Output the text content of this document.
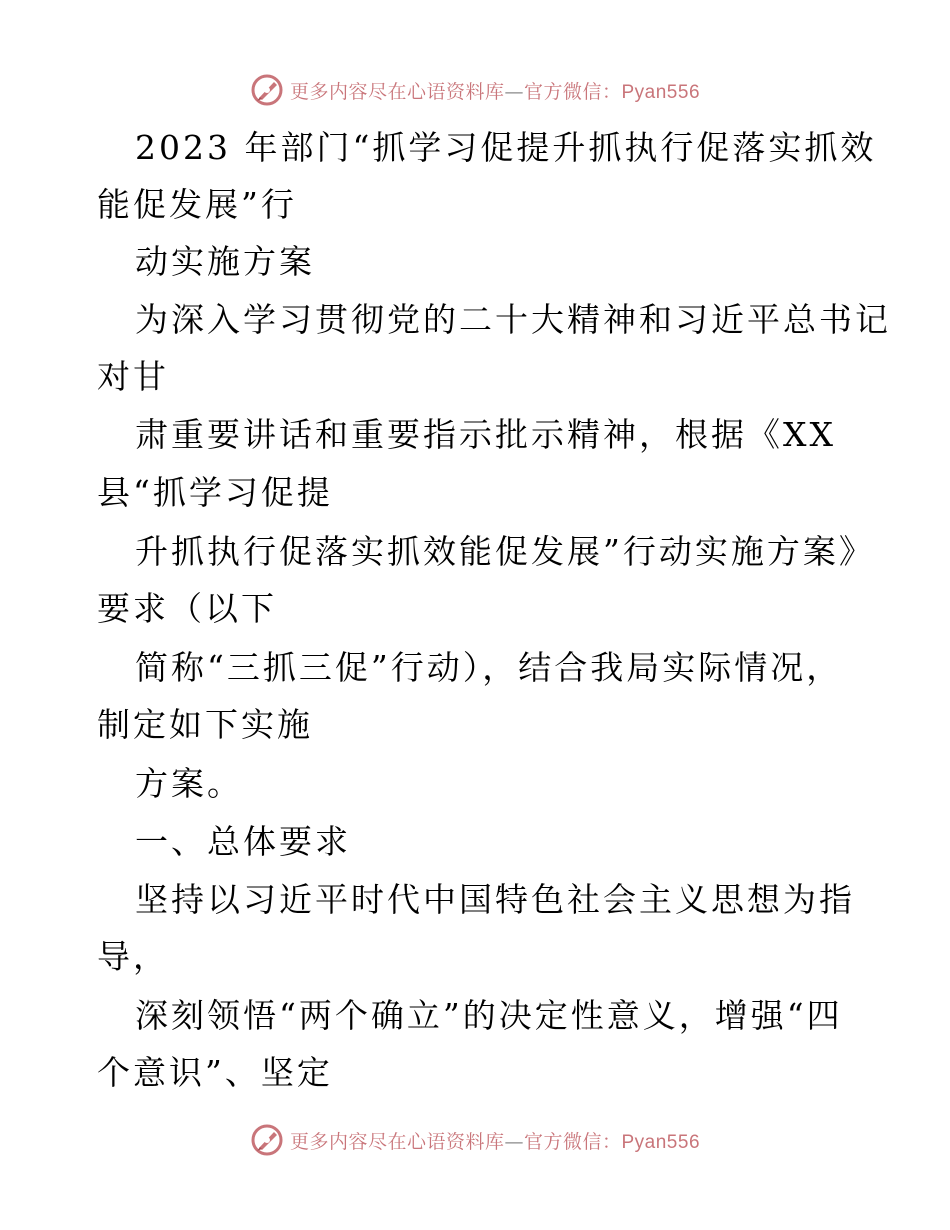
更多内容尽在心语资料库—官方微信：Pyan556
2023 年部门“抓学习促提升抓执行促落实抓效
能促发展”行
动实施方案
为深入学习贯彻党的二十大精神和习近平总书记
对甘
肃重要讲话和重要指示批示精神，根据《XX
县“抓学习促提
升抓执行促落实抓效能促发展”行动实施方案》
要求（以下
简称“三抓三促”行动），结合我局实际情况，
制定如下实施
方案。
一、总体要求
坚持以习近平时代中国特色社会主义思想为指
导，
深刻领悟“两个确立”的决定性意义，增强“四
个意识”、坚定
更多内容尽在心语资料库—官方微信：Pyan556
